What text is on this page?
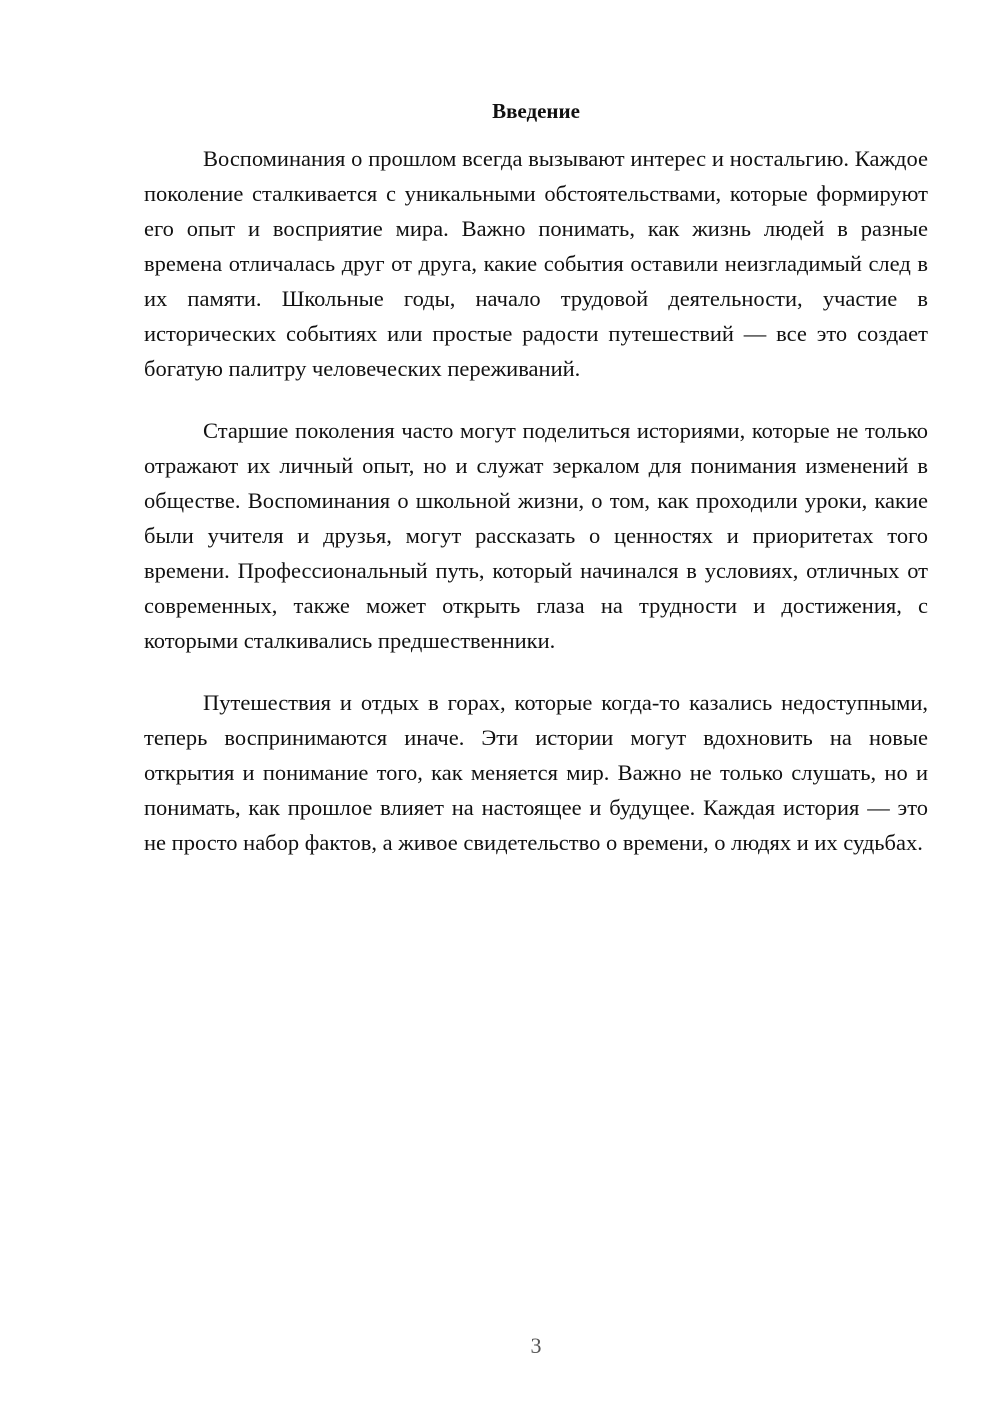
Введение

Воспоминания о прошлом всегда вызывают интерес и ностальгию. Каждое поколение сталкивается с уникальными обстоятельствами, которые формируют его опыт и восприятие мира. Важно понимать, как жизнь людей в разные времена отличалась друг от друга, какие события оставили неизгладимый след в их памяти. Школьные годы, начало трудовой деятельности, участие в исторических событиях или простые радости путешествий — все это создает богатую палитру человеческих переживаний.

Старшие поколения часто могут поделиться историями, которые не только отражают их личный опыт, но и служат зеркалом для понимания изменений в обществе. Воспоминания о школьной жизни, о том, как проходили уроки, какие были учителя и друзья, могут рассказать о ценностях и приоритетах того времени. Профессиональный путь, который начинался в условиях, отличных от современных, также может открыть глаза на трудности и достижения, с которыми сталкивались предшественники.

Путешествия и отдых в горах, которые когда-то казались недоступными, теперь воспринимаются иначе. Эти истории могут вдохновить на новые открытия и понимание того, как меняется мир. Важно не только слушать, но и понимать, как прошлое влияет на настоящее и будущее. Каждая история — это не просто набор фактов, а живое свидетельство о времени, о людях и их судьбах.

3
